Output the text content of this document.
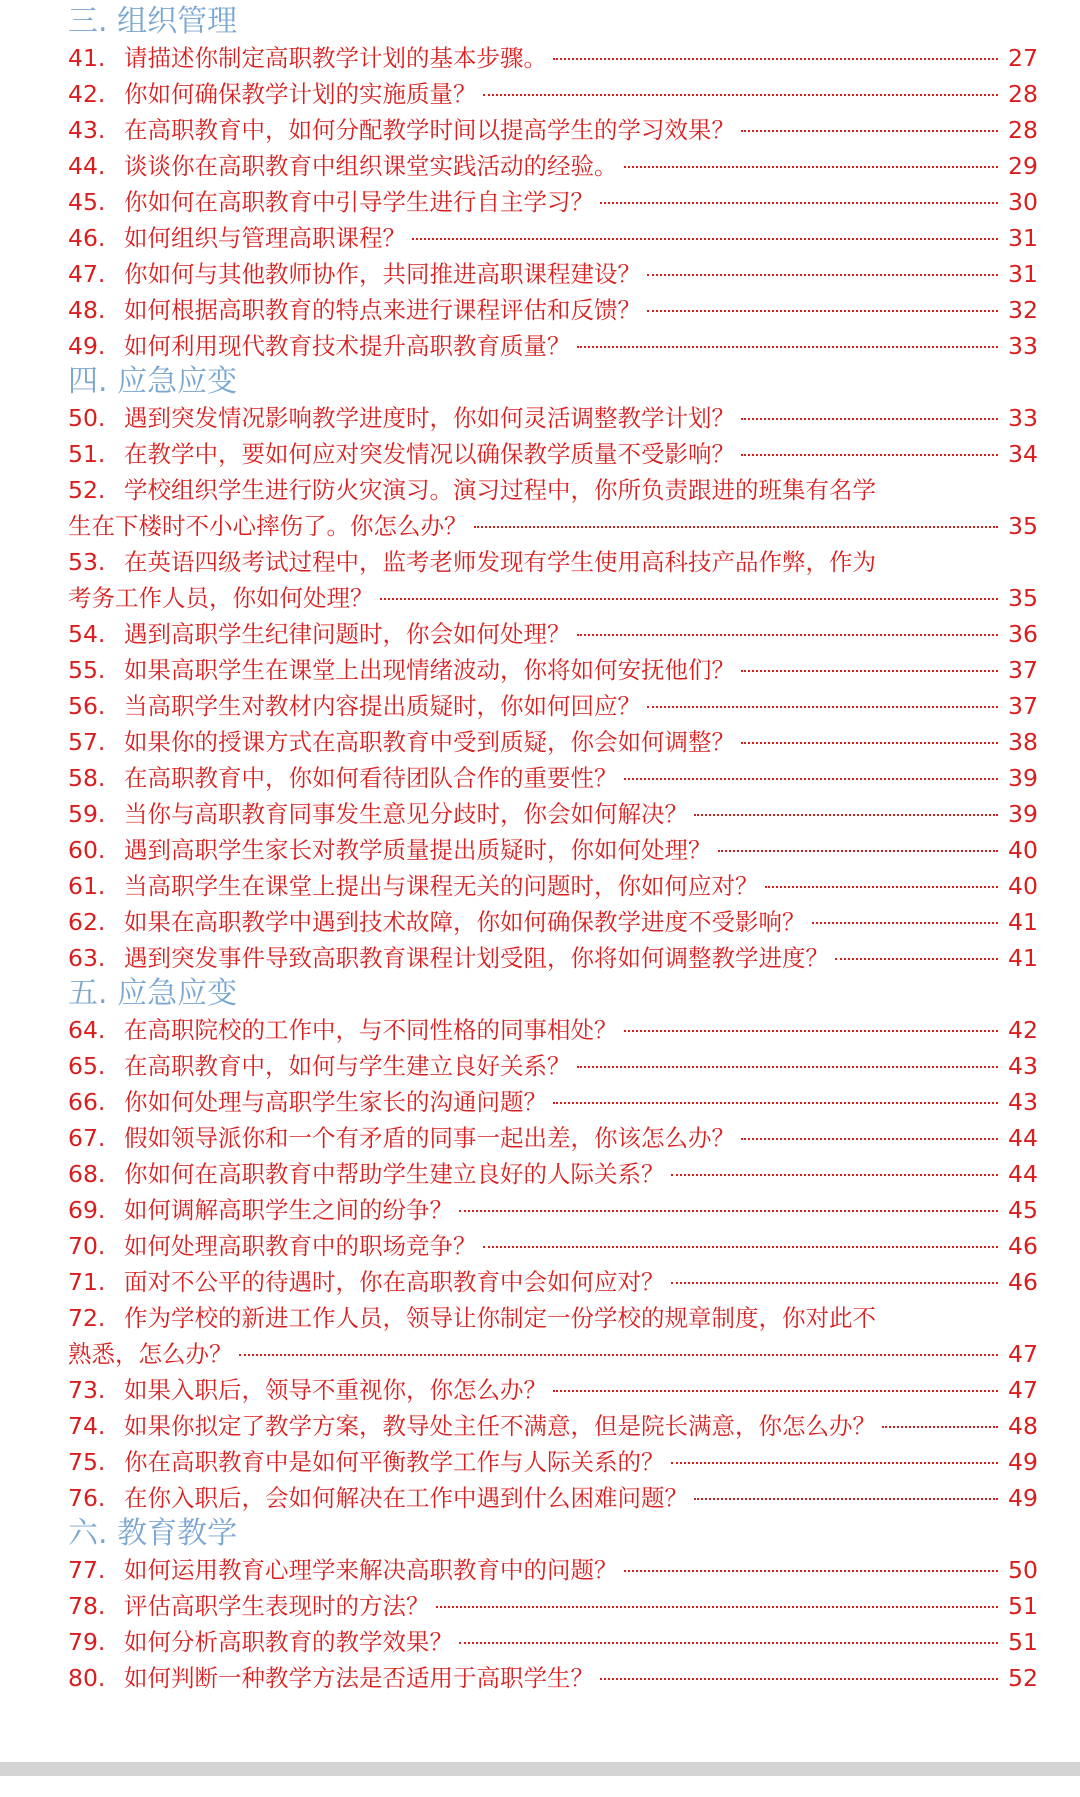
三. 组织管理
41. 请描述你制定高职教学计划的基本步骤。	27
42. 你如何确保教学计划的实施质量？	28
43. 在高职教育中，如何分配教学时间以提高学生的学习效果？	28
44. 谈谈你在高职教育中组织课堂实践活动的经验。	29
45. 你如何在高职教育中引导学生进行自主学习？	30
46. 如何组织与管理高职课程？	31
47. 你如何与其他教师协作，共同推进高职课程建设？	31
48. 如何根据高职教育的特点来进行课程评估和反馈？	32
49. 如何利用现代教育技术提升高职教育质量？	33
四. 应急应变
50. 遇到突发情况影响教学进度时，你如何灵活调整教学计划？	33
51. 在教学中，要如何应对突发情况以确保教学质量不受影响？	34
52. 学校组织学生进行防火灾演习。演习过程中，你所负责跟进的班集有名学
生在下楼时不小心摔伤了。你怎么办？	35
53. 在英语四级考试过程中，监考老师发现有学生使用高科技产品作弊，作为
考务工作人员，你如何处理？	35
54. 遇到高职学生纪律问题时，你会如何处理？	36
55. 如果高职学生在课堂上出现情绪波动，你将如何安抚他们？	37
56. 当高职学生对教材内容提出质疑时，你如何回应？	37
57. 如果你的授课方式在高职教育中受到质疑，你会如何调整？	38
58. 在高职教育中，你如何看待团队合作的重要性？	39
59. 当你与高职教育同事发生意见分歧时，你会如何解决？	39
60. 遇到高职学生家长对教学质量提出质疑时，你如何处理？	40
61. 当高职学生在课堂上提出与课程无关的问题时，你如何应对？	40
62. 如果在高职教学中遇到技术故障，你如何确保教学进度不受影响？	41
63. 遇到突发事件导致高职教育课程计划受阻，你将如何调整教学进度？	41
五. 应急应变
64. 在高职院校的工作中，与不同性格的同事相处？	42
65. 在高职教育中，如何与学生建立良好关系？	43
66. 你如何处理与高职学生家长的沟通问题？	43
67. 假如领导派你和一个有矛盾的同事一起出差，你该怎么办？	44
68. 你如何在高职教育中帮助学生建立良好的人际关系？	44
69. 如何调解高职学生之间的纷争？	45
70. 如何处理高职教育中的职场竞争？	46
71. 面对不公平的待遇时，你在高职教育中会如何应对？	46
72. 作为学校的新进工作人员，领导让你制定一份学校的规章制度，你对此不
熟悉，怎么办？	47
73. 如果入职后，领导不重视你，你怎么办？	47
74. 如果你拟定了教学方案，教导处主任不满意，但是院长满意，你怎么办？	48
75. 你在高职教育中是如何平衡教学工作与人际关系的？	49
76. 在你入职后，会如何解决在工作中遇到什么困难问题？	49
六. 教育教学
77. 如何运用教育心理学来解决高职教育中的问题？	50
78. 评估高职学生表现时的方法？	51
79. 如何分析高职教育的教学效果？	51
80. 如何判断一种教学方法是否适用于高职学生？	52
